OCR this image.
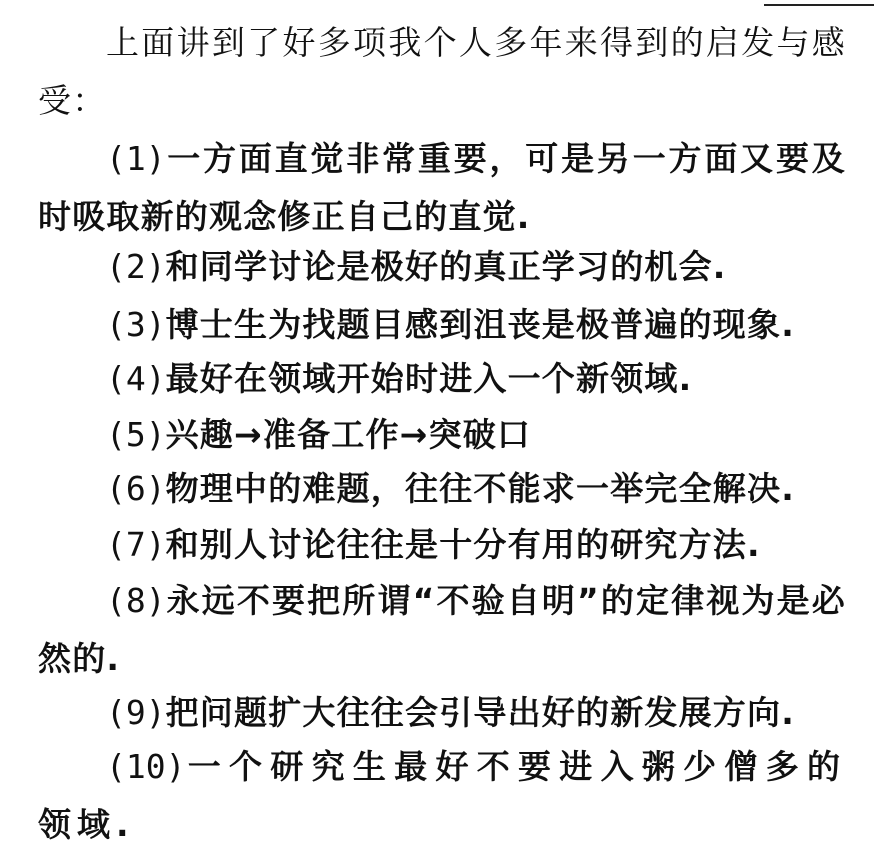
上面讲到了好多项我个人多年来得到的启发与感受：
(1)一方面直觉非常重要，可是另一方面又要及时吸取新的观念修正自己的直觉.
(2)和同学讨论是极好的真正学习的机会.
(3)博士生为找题目感到沮丧是极普遍的现象.
(4)最好在领域开始时进入一个新领域.
(5)兴趣→准备工作→突破口
(6)物理中的难题，往往不能求一举完全解决.
(7)和别人讨论往往是十分有用的研究方法.
(8)永远不要把所谓“不验自明”的定律视为是必然的.
(9)把问题扩大往往会引导出好的新发展方向.
(10)一个研究生最好不要进入粥少僧多的领域.
